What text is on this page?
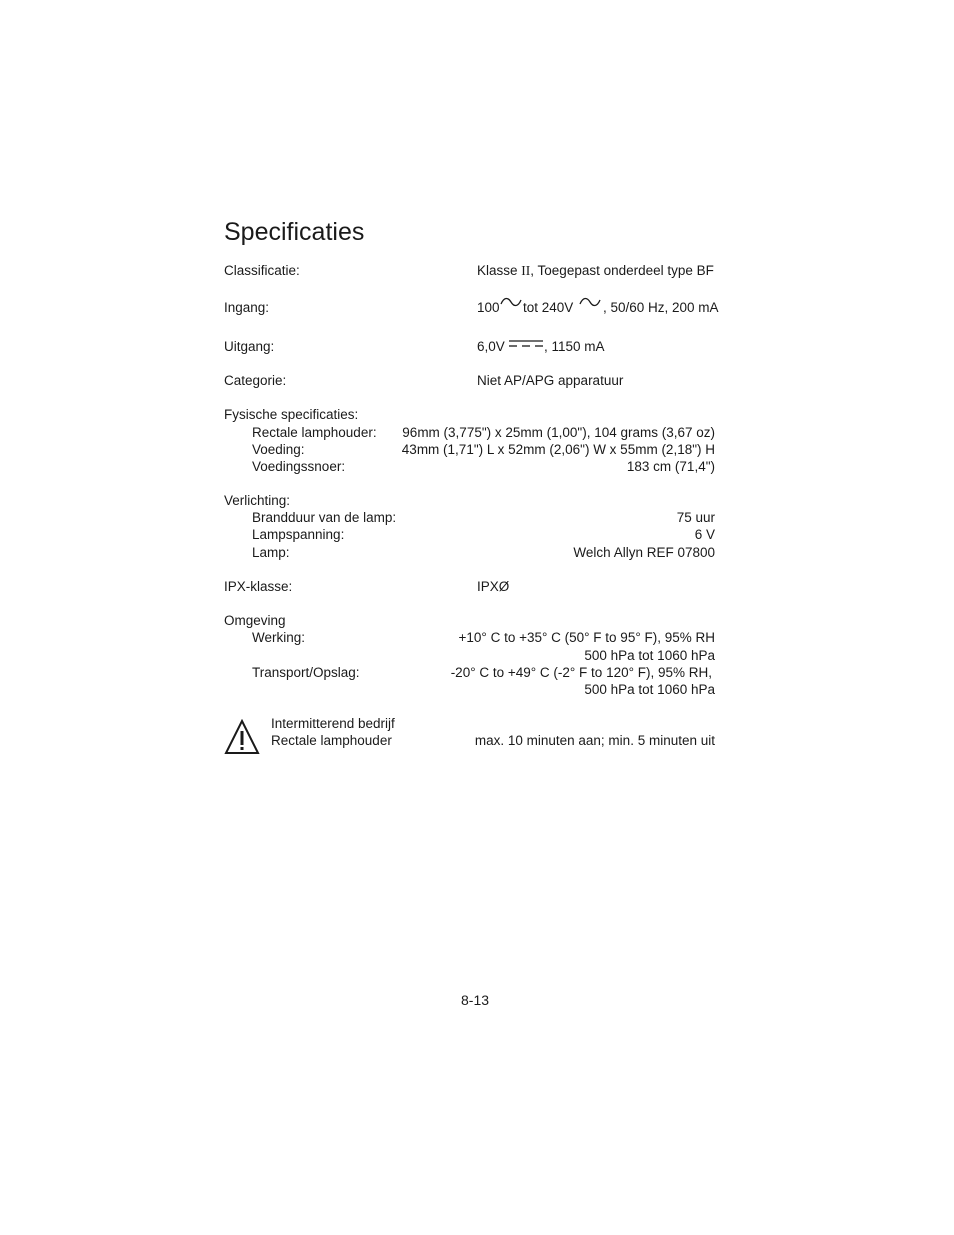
Specificaties
Classificatie:	Klasse II, Toegepast onderdeel type BF
Ingang:	100 tot 240V , 50/60 Hz, 200 mA
Uitgang:	6,0V	, 1150 mA
Categorie:	Niet AP/APG apparatuur
Fysische specificaties:
Rectale lamphouder: 96mm (3,775") x 25mm (1,00"), 104 grams (3,67 oz)
Voeding:	43mm (1,71") L x 52mm (2,06") W x 55mm (2,18") H
Voedingssnoer:	183 cm (71,4")
Verlichting:
Brandduur van de lamp:	75 uur
Lampspanning:	6 V
Lamp:	Welch Allyn REF 07800
IPX-klasse:	IPXØ
Omgeving
Werking:	+10° C to +35° C (50° F to 95° F), 95% RH
500 hPa tot 1060 hPa
Transport/Opslag:	-20° C to +49° C (-2° F to 120° F), 95% RH,
500 hPa tot 1060 hPa
Intermitterend bedrijf
Rectale lamphouder	max. 10 minuten aan; min. 5 minuten uit
8-13
